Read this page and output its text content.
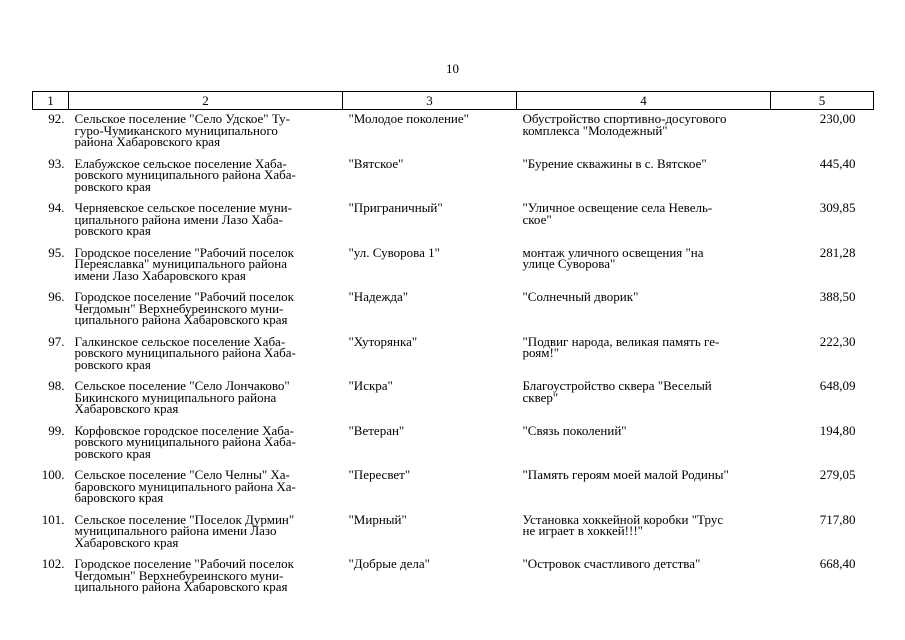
10
1	2	3	4	5
92.	Сельское поселение "Село Удское" Ту-
гуро-Чумиканского муниципального
района Хабаровского края	"Молодое поколение"	Обустройство спортивно-досугового
комплекса "Молодежный"	230,00
93.	Елабужское сельское поселение Хаба-
ровского муниципального района Хаба-
ровского края	"Вятское"	"Бурение скважины в с. Вятское"	445,40
94.	Черняевское сельское поселение муни-
ципального района имени Лазо Хаба-
ровского края	"Приграничный"	"Уличное освещение села Невель-
ское"	309,85
95.	Городское поселение "Рабочий поселок
Переяславка" муниципального района
имени Лазо Хабаровского края	"ул. Суворова 1"	монтаж уличного освещения "на
улице Суворова"	281,28
96.	Городское поселение "Рабочий поселок
Чегдомын" Верхнебуреинского муни-
ципального района Хабаровского края	"Надежда"	"Солнечный дворик"	388,50
97.	Галкинское сельское поселение Хаба-
ровского муниципального района Хаба-
ровского края	"Хуторянка"	"Подвиг народа, великая память ге-
роям!"	222,30
98.	Сельское поселение "Село Лончаково"
Бикинского муниципального района
Хабаровского края	"Искра"	Благоустройство сквера "Веселый
сквер"	648,09
99.	Корфовское городское поселение Хаба-
ровского муниципального района Хаба-
ровского края	"Ветеран"	"Связь поколений"	194,80
100.	Сельское поселение "Село Челны" Ха-
баровского муниципального района Ха-
баровского края	"Пересвет"	"Память героям моей малой Родины"	279,05
101.	Сельское поселение "Поселок Дурмин"
муниципального района имени Лазо
Хабаровского края	"Мирный"	Установка хоккейной коробки "Трус
не играет в хоккей!!!"	717,80
102.	Городское поселение "Рабочий поселок
Чегдомын" Верхнебуреинского муни-
ципального района Хабаровского края	"Добрые дела"	"Островок счастливого детства"	668,40
